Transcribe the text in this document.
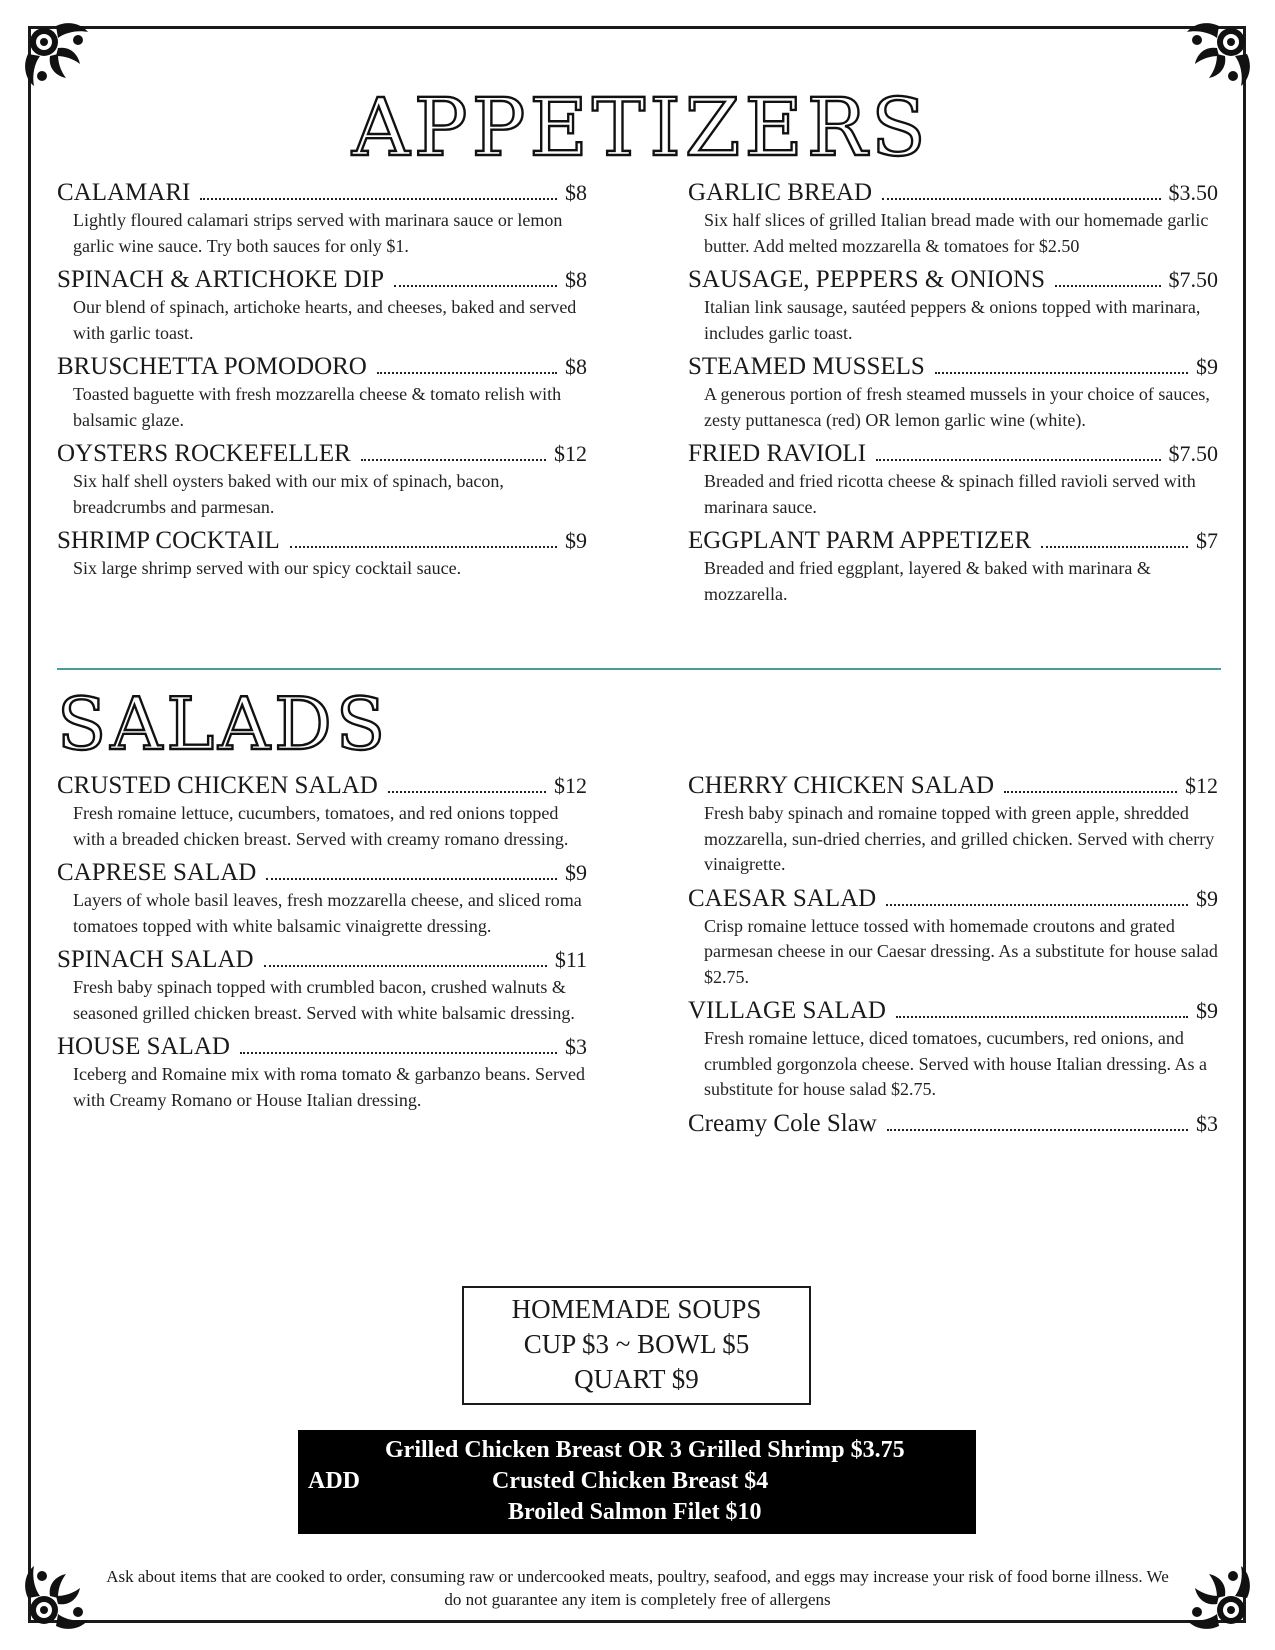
APPETIZERS
CALAMARI	$8
Lightly floured calamari strips served with marinara sauce or lemon garlic wine sauce. Try both sauces for only $1.
SPINACH & ARTICHOKE DIP	$8
Our blend of spinach, artichoke hearts, and cheeses, baked and served with garlic toast.
BRUSCHETTA POMODORO	$8
Toasted baguette with fresh mozzarella cheese & tomato relish with balsamic glaze.
OYSTERS ROCKEFELLER	$12
Six half shell oysters baked with our mix of spinach, bacon, breadcrumbs and parmesan.
SHRIMP COCKTAIL	$9
Six large shrimp served with our spicy cocktail sauce.
GARLIC BREAD	$3.50
Six half slices of grilled Italian bread made with our homemade garlic butter. Add melted mozzarella & tomatoes for $2.50
SAUSAGE, PEPPERS & ONIONS	$7.50
Italian link sausage, sautéed peppers & onions topped with marinara, includes garlic toast.
STEAMED MUSSELS	$9
A generous portion of fresh steamed mussels in your choice of sauces, zesty puttanesca (red) OR lemon garlic wine (white).
FRIED RAVIOLI	$7.50
Breaded and fried ricotta cheese & spinach filled ravioli served with marinara sauce.
EGGPLANT PARM APPETIZER	$7
Breaded and fried eggplant, layered & baked with marinara & mozzarella.
SALADS
CRUSTED CHICKEN SALAD	$12
Fresh romaine lettuce, cucumbers, tomatoes, and red onions topped with a breaded chicken breast. Served with creamy romano dressing.
CAPRESE SALAD	$9
Layers of whole basil leaves, fresh mozzarella cheese, and sliced roma tomatoes topped with white balsamic vinaigrette dressing.
SPINACH SALAD	$11
Fresh baby spinach topped with crumbled bacon, crushed walnuts & seasoned grilled chicken breast. Served with white balsamic dressing.
HOUSE SALAD	$3
Iceberg and Romaine mix with roma tomato & garbanzo beans. Served with Creamy Romano or House Italian dressing.
CHERRY CHICKEN SALAD	$12
Fresh baby spinach and romaine topped with green apple, shredded mozzarella, sun-dried cherries, and grilled chicken. Served with cherry vinaigrette.
CAESAR SALAD	$9
Crisp romaine lettuce tossed with homemade croutons and grated parmesan cheese in our Caesar dressing. As a substitute for house salad $2.75.
VILLAGE SALAD	$9
Fresh romaine lettuce, diced tomatoes, cucumbers, red onions, and crumbled gorgonzola cheese. Served with house Italian dressing. As a substitute for house salad $2.75.
Creamy Cole Slaw	$3
HOMEMADE SOUPS
CUP $3 ~ BOWL $5
QUART $9
ADD
Grilled Chicken Breast OR 3 Grilled Shrimp $3.75
Crusted Chicken Breast $4
Broiled Salmon Filet $10
Ask about items that are cooked to order, consuming raw or undercooked meats, poultry, seafood, and eggs may increase your risk of food borne illness. We do not guarantee any item is completely free of allergens
